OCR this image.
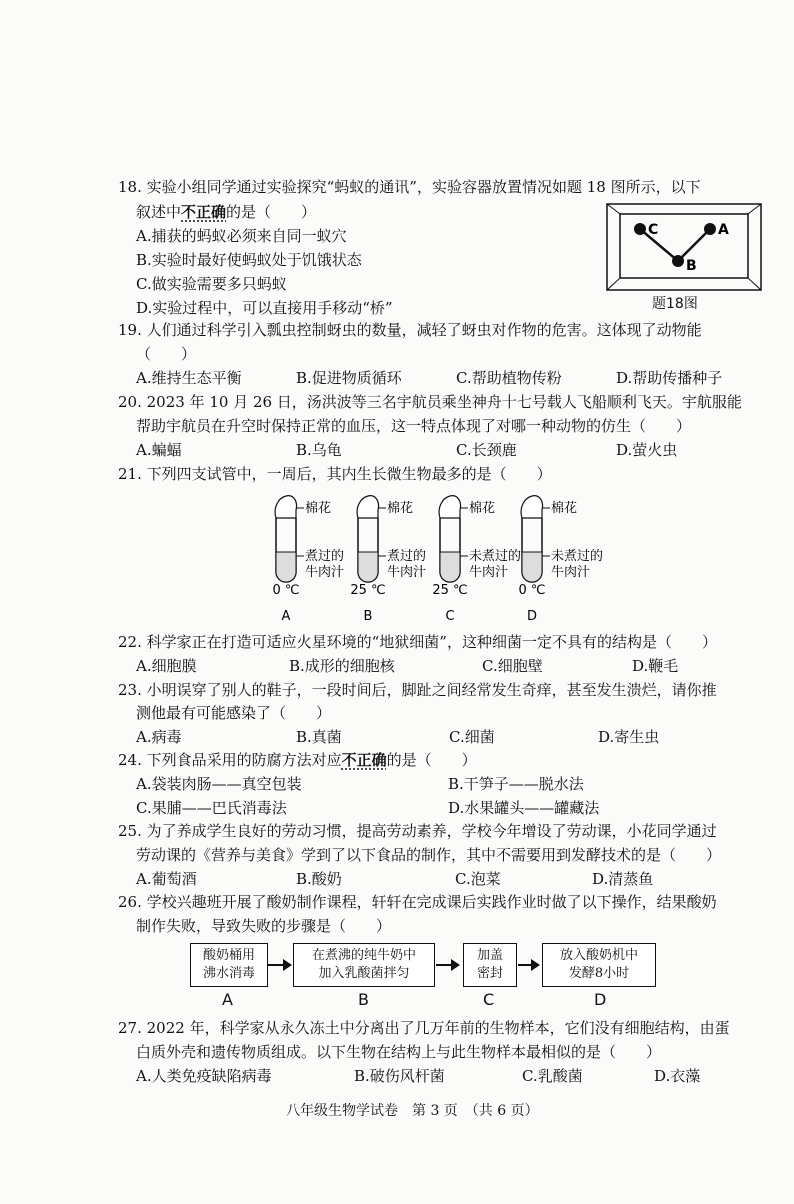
18. 实验小组同学通过实验探究“蚂蚁的通讯”，实验容器放置情况如题 18 图所示，以下
叙述中不正确的是（　　）
A.捕获的蚂蚁必须来自同一蚁穴
B.实验时最好使蚂蚁处于饥饿状态
C.做实验需要多只蚂蚁
D.实验过程中，可以直接用手移动“桥”
C	A
B
题18图
19. 人们通过科学引入瓢虫控制蚜虫的数量，减轻了蚜虫对作物的危害。这体现了动物能
（　　）
A.维持生态平衡	B.促进物质循环	C.帮助植物传粉	D.帮助传播种子
20. 2023 年 10 月 26 日，汤洪波等三名宇航员乘坐神舟十七号载人飞船顺利飞天。宇航服能
帮助宇航员在升空时保持正常的血压，这一特点体现了对哪一种动物的仿生（　　）
A.蝙蝠	B.乌龟	C.长颈鹿	D.萤火虫
21. 下列四支试管中，一周后，其内生长微生物最多的是（　　）
棉花
煮过的
牛肉汁
0 ℃
A
棉花
煮过的
牛肉汁
25 ℃
B
棉花
未煮过的
牛肉汁
25 ℃
C
棉花
未煮过的
牛肉汁
0 ℃
D
22. 科学家正在打造可适应火星环境的“地狱细菌”，这种细菌一定不具有的结构是（　　）
A.细胞膜	B.成形的细胞核	C.细胞壁	D.鞭毛
23. 小明误穿了别人的鞋子，一段时间后，脚趾之间经常发生奇痒，甚至发生溃烂，请你推
测他最有可能感染了（　　）
A.病毒	B.真菌	C.细菌	D.寄生虫
24. 下列食品采用的防腐方法对应不正确的是（　　）
A.袋装肉肠——真空包装	B.干笋子——脱水法
C.果脯——巴氏消毒法	D.水果罐头——罐藏法
25. 为了养成学生良好的劳动习惯，提高劳动素养，学校今年增设了劳动课，小花同学通过
劳动课的《营养与美食》学到了以下食品的制作，其中不需要用到发酵技术的是（　　）
A.葡萄酒	B.酸奶	C.泡菜	D.清蒸鱼
26. 学校兴趣班开展了酸奶制作课程，轩轩在完成课后实践作业时做了以下操作，结果酸奶
制作失败，导致失败的步骤是（　　）
酸奶桶用
沸水消毒
在煮沸的纯牛奶中
加入乳酸菌拌匀
加盖
密封
放入酸奶机中
发酵8小时
A	B	C	D
27. 2022 年，科学家从永久冻土中分离出了几万年前的生物样本，它们没有细胞结构，由蛋
白质外壳和遗传物质组成。以下生物在结构上与此生物样本最相似的是（　　）
A.人类免疫缺陷病毒	B.破伤风杆菌	C.乳酸菌	D.衣藻
八年级生物学试卷　第 3 页　（共 6 页）
